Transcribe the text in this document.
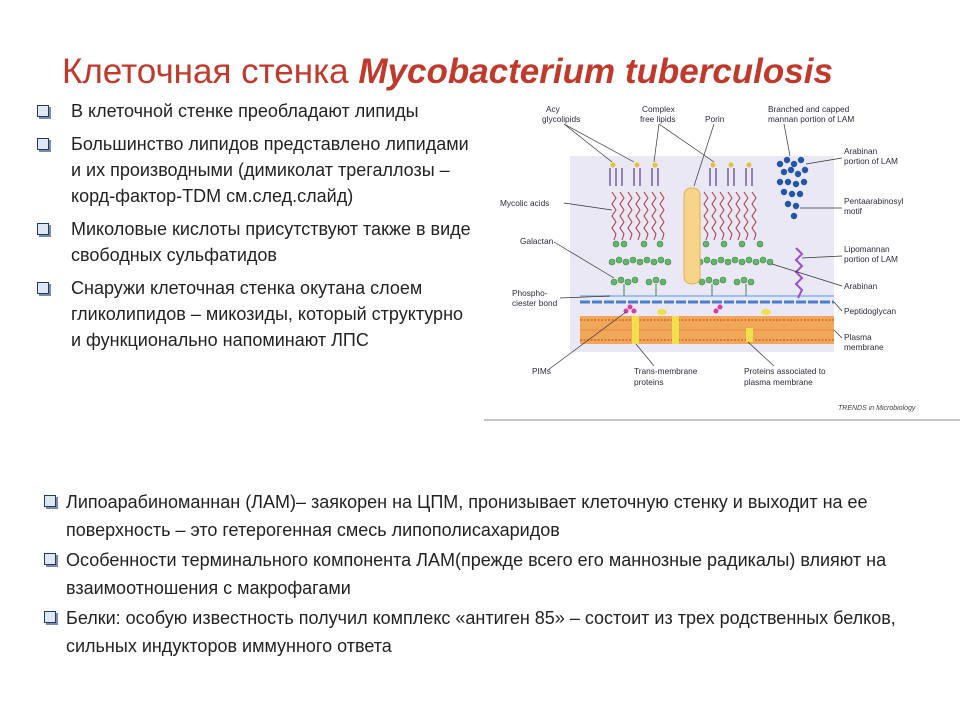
Клеточная стенка Mycobacterium tuberculosis
В клеточной стенке преобладают липиды
Большинство липидов представлено липидами и их производными (димиколат трегаллозы – корд-фактор-TDM см.след.слайд)
Миколовые кислоты присутствуют также в виде свободных сульфатидов
Снаружи клеточная стенка окутана слоем гликолипидов – микозиды, который структурно и функционально напоминают ЛПС
Acy
glycolipids
Complex
free lipids	Porin
Branched and capped
mannan portion of LAM
Arabinan
portion of LAM
Mycolic acids	Pentaarabinosyl
motif
Galactan
Lipomannan
portion of LAM
Arabinan
Phospho-
ciester bond
Peptidoglycan
Plasma
membrane
PIMs	Trans-membrane
proteins
Proteins associated to
plasma membrane
TRENDS in Microbiology
Липоарабиноманнан (ЛАМ)– заякорен на ЦПМ, пронизывает клеточную стенку и выходит на ее поверхность – это гетерогенная смесь липополисахаридов
Особенности терминального компонента ЛАМ(прежде всего его маннозные радикалы) влияют на взаимоотношения с макрофагами
Белки: особую известность получил комплекс «антиген 85» – состоит из трех родственных белков, сильных индукторов иммунного ответа
